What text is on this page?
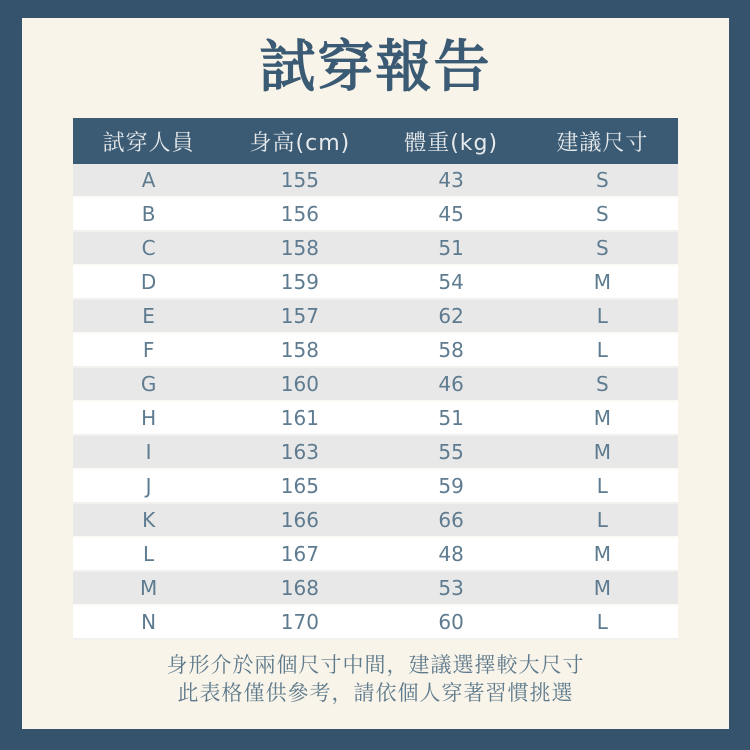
試穿報告
試穿人員	身高(cm)	體重(kg)	建議尺寸
A	155	43	S
B	156	45	S
C	158	51	S
D	159	54	M
E	157	62	L
F	158	58	L
G	160	46	S
H	161	51	M
I	163	55	M
J	165	59	L
K	166	66	L
L	167	48	M
M	168	53	M
N	170	60	L
身形介於兩個尺寸中間，建議選擇較大尺寸
此表格僅供參考，請依個人穿著習慣挑選
